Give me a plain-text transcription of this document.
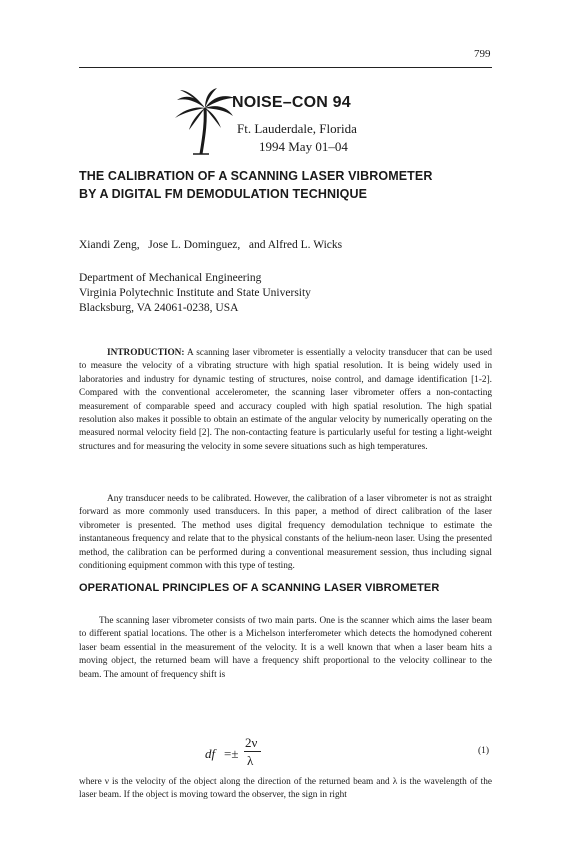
799
NOISE–CON 94
Ft. Lauderdale, Florida
1994 May 01–04
THE CALIBRATION OF A SCANNING LASER VIBROMETER
BY A DIGITAL FM DEMODULATION TECHNIQUE
Xiandi Zeng,   Jose L. Dominguez,   and Alfred L. Wicks
Department of Mechanical Engineering
Virginia Polytechnic Institute and State University
Blacksburg, VA 24061-0238, USA

INTRODUCTION: A scanning laser vibrometer is essentially a velocity transducer that can be used to measure the velocity of a vibrating structure with high spatial resolution. It is being widely used in laboratories and industry for dynamic testing of structures, noise control, and damage identification [1-2]. Compared with the conventional accelerometer, the scanning laser vibrometer offers a non-contacting measurement of comparable speed and accuracy coupled with high spatial resolution. The high spatial resolution also makes it possible to obtain an estimate of the angular velocity by numerically operating on the measured normal velocity field [2]. The non-contacting feature is particularly useful for testing a light-weight structures and for measuring the velocity in some severe situations such as high temperatures.

Any transducer needs to be calibrated. However, the calibration of a laser vibrometer is not as straight forward as more commonly used transducers. In this paper, a method of direct calibration of the laser vibrometer is presented. The method uses digital frequency demodulation technique to estimate the instantaneous frequency and relate that to the physical constants of the helium-neon laser. Using the presented method, the calibration can be performed during a conventional measurement session, thus including signal conditioning equipment common with this type of testing.

OPERATIONAL PRINCIPLES OF A SCANNING LASER VIBROMETER

The scanning laser vibrometer consists of two main parts. One is the scanner which aims the laser beam to different spatial locations. The other is a Michelson interferometer which detects the homodyned coherent laser beam essential in the measurement of the velocity. It is a well known that when a laser beam hits a moving object, the returned beam will have a frequency shift proportional to the velocity collinear to the beam. The amount of frequency shift is

df =±
2ν
λ
(1)

where ν is the velocity of the object along the direction of the returned beam and λ is the wavelength of the laser beam. If the object is moving toward the observer, the sign in right
